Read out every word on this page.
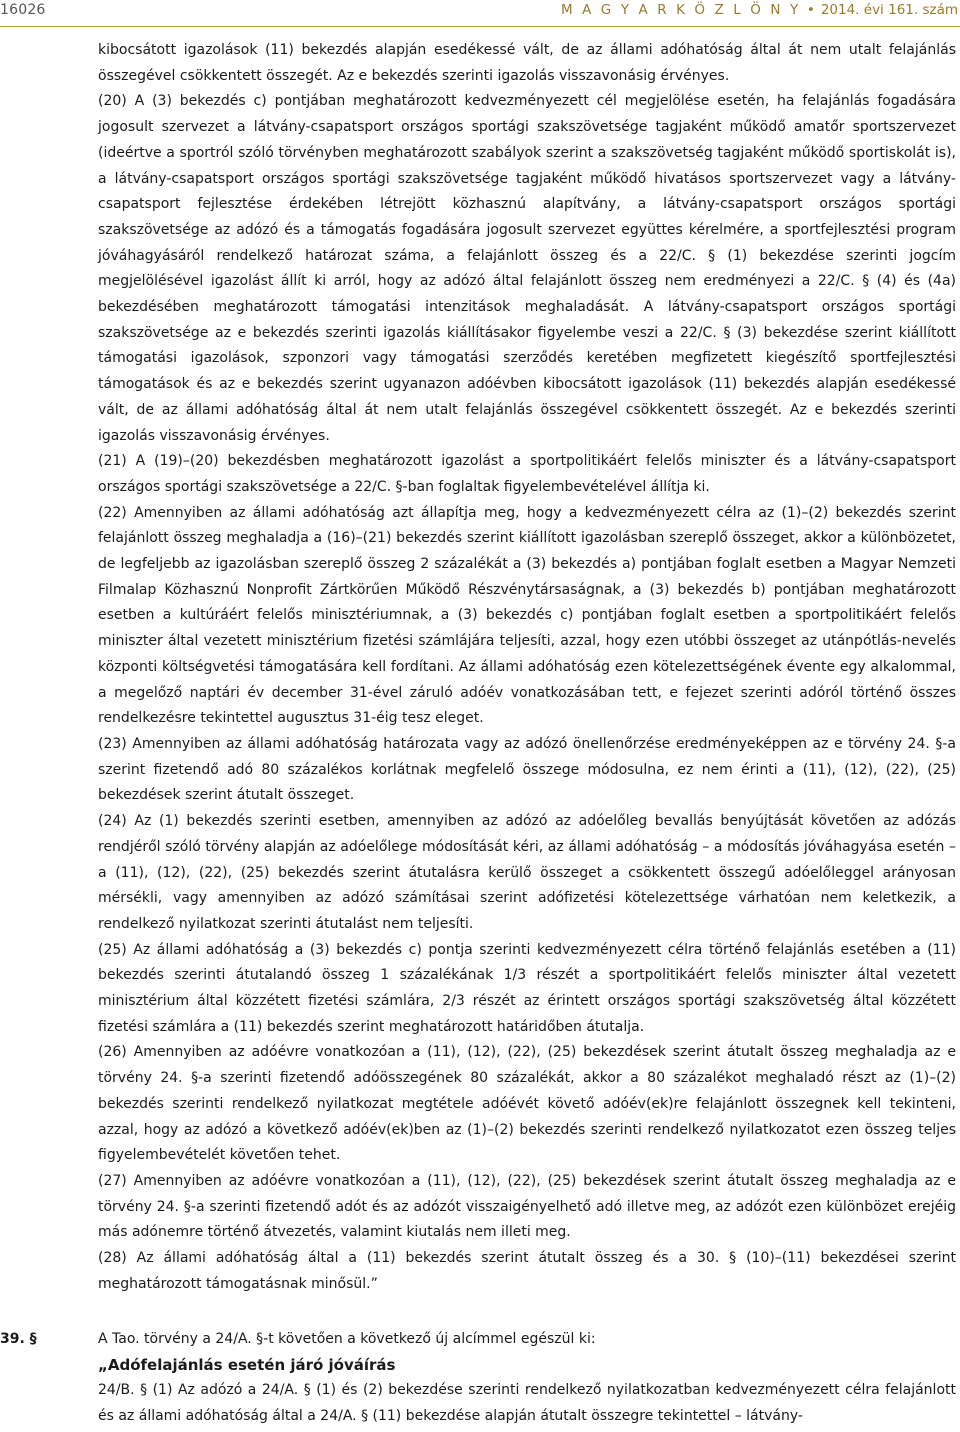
16026	M A G Y A R K Ö Z L Ö N Y • 2014. évi 161. szám

kibocsátott igazolások (11) bekezdés alapján esedékessé vált, de az állami adóhatóság által át nem utalt felajánlás összegével csökkentett összegét. Az e bekezdés szerinti igazolás visszavonásig érvényes.

(20) A (3) bekezdés c) pontjában meghatározott kedvezményezett cél megjelölése esetén, ha felajánlás fogadására jogosult szervezet a látvány-csapatsport országos sportági szakszövetsége tagjaként működő amatőr sportszervezet (ideértve a sportról szóló törvényben meghatározott szabályok szerint a szakszövetség tagjaként működő sportiskolát is), a látvány-csapatsport országos sportági szakszövetsége tagjaként működő hivatásos sportszervezet vagy a látvány-csapatsport fejlesztése érdekében létrejött közhasznú alapítvány, a látvány-csapatsport országos sportági szakszövetsége az adózó és a támogatás fogadására jogosult szervezet együttes kérelmére, a sportfejlesztési program jóváhagyásáról rendelkező határozat száma, a felajánlott összeg és a 22/C. § (1) bekezdése szerinti jogcím megjelölésével igazolást állít ki arról, hogy az adózó által felajánlott összeg nem eredményezi a 22/C. § (4) és (4a) bekezdésében meghatározott támogatási intenzitások meghaladását. A látvány-csapatsport országos sportági szakszövetsége az e bekezdés szerinti igazolás kiállításakor figyelembe veszi a 22/C. § (3) bekezdése szerint kiállított támogatási igazolások, szponzori vagy támogatási szerződés keretében megfizetett kiegészítő sportfejlesztési támogatások és az e bekezdés szerint ugyanazon adóévben kibocsátott igazolások (11) bekezdés alapján esedékessé vált, de az állami adóhatóság által át nem utalt felajánlás összegével csökkentett összegét. Az e bekezdés szerinti igazolás visszavonásig érvényes.

(21) A (19)–(20) bekezdésben meghatározott igazolást a sportpolitikáért felelős miniszter és a látvány-csapatsport országos sportági szakszövetsége a 22/C. §-ban foglaltak figyelembevételével állítja ki.

(22) Amennyiben az állami adóhatóság azt állapítja meg, hogy a kedvezményezett célra az (1)–(2) bekezdés szerint felajánlott összeg meghaladja a (16)–(21) bekezdés szerint kiállított igazolásban szereplő összeget, akkor a különbözetet, de legfeljebb az igazolásban szereplő összeg 2 százalékát a (3) bekezdés a) pontjában foglalt esetben a Magyar Nemzeti Filmalap Közhasznú Nonprofit Zártkörűen Működő Részvénytársaságnak, a (3) bekezdés b) pontjában meghatározott esetben a kultúráért felelős minisztériumnak, a (3) bekezdés c) pontjában foglalt esetben a sportpolitikáért felelős miniszter által vezetett minisztérium fizetési számlájára teljesíti, azzal, hogy ezen utóbbi összeget az utánpótlás-nevelés központi költségvetési támogatására kell fordítani. Az állami adóhatóság ezen kötelezettségének évente egy alkalommal, a megelőző naptári év december 31-ével záruló adóév vonatkozásában tett, e fejezet szerinti adóról történő összes rendelkezésre tekintettel augusztus 31-éig tesz eleget.

(23) Amennyiben az állami adóhatóság határozata vagy az adózó önellenőrzése eredményeképpen az e törvény 24. §-a szerint fizetendő adó 80 százalékos korlátnak megfelelő összege módosulna, ez nem érinti a (11), (12), (22), (25) bekezdések szerint átutalt összeget.

(24) Az (1) bekezdés szerinti esetben, amennyiben az adózó az adóelőleg bevallás benyújtását követően az adózás rendjéről szóló törvény alapján az adóelőlege módosítását kéri, az állami adóhatóság – a módosítás jóváhagyása esetén – a (11), (12), (22), (25) bekezdés szerint átutalásra kerülő összeget a csökkentett összegű adóelőleggel arányosan mérsékli, vagy amennyiben az adózó számításai szerint adófizetési kötelezettsége várhatóan nem keletkezik, a rendelkező nyilatkozat szerinti átutalást nem teljesíti.

(25) Az állami adóhatóság a (3) bekezdés c) pontja szerinti kedvezményezett célra történő felajánlás esetében a (11) bekezdés szerinti átutalandó összeg 1 százalékának 1/3 részét a sportpolitikáért felelős miniszter által vezetett minisztérium által közzétett fizetési számlára, 2/3 részét az érintett országos sportági szakszövetség által közzétett fizetési számlára a (11) bekezdés szerint meghatározott határidőben átutalja.

(26) Amennyiben az adóévre vonatkozóan a (11), (12), (22), (25) bekezdések szerint átutalt összeg meghaladja az e törvény 24. §-a szerinti fizetendő adóösszegének 80 százalékát, akkor a 80 százalékot meghaladó részt az (1)–(2) bekezdés szerinti rendelkező nyilatkozat megtétele adóévét követő adóév(ek)re felajánlott összegnek kell tekinteni, azzal, hogy az adózó a következő adóév(ek)ben az (1)–(2) bekezdés szerinti rendelkező nyilatkozatot ezen összeg teljes figyelembevételét követően tehet.

(27) Amennyiben az adóévre vonatkozóan a (11), (12), (22), (25) bekezdések szerint átutalt összeg meghaladja az e törvény 24. §-a szerinti fizetendő adót és az adózót visszaigényelhető adó illetve meg, az adózót ezen különbözet erejéig más adónemre történő átvezetés, valamint kiutalás nem illeti meg.

(28) Az állami adóhatóság által a (11) bekezdés szerint átutalt összeg és a 30. § (10)–(11) bekezdései szerint meghatározott támogatásnak minősül.”

39. §	A Tao. törvény a 24/A. §-t követően a következő új alcímmel egészül ki:

„Adófelajánlás esetén járó jóváírás

24/B. § (1) Az adózó a 24/A. § (1) és (2) bekezdése szerinti rendelkező nyilatkozatban kedvezményezett célra felajánlott és az állami adóhatóság által a 24/A. § (11) bekezdése alapján átutalt összegre tekintettel – látvány-
